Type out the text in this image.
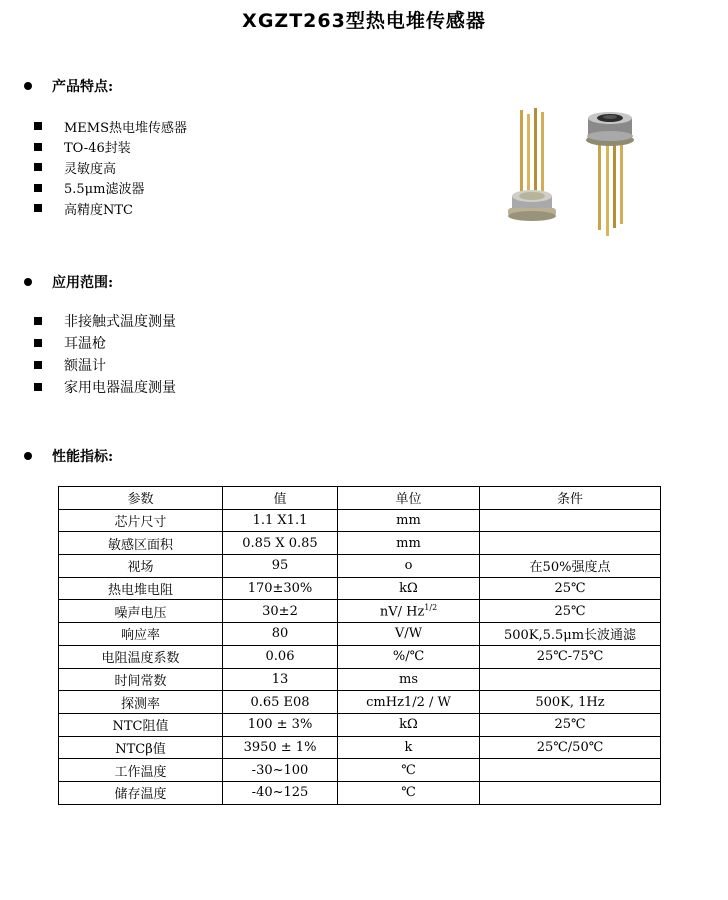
XGZT263型热电堆传感器
产品特点:
MEMS热电堆传感器
TO-46封装
灵敏度高
5.5μm滤波器
高精度NTC
应用范围:
非接触式温度测量
耳温枪
额温计
家用电器温度测量
性能指标:
参数	值	单位	条件
芯片尺寸	1.1 X1.1	mm	
敏感区面积	0.85 X 0.85	mm	
视场	95	o	在50%强度点
热电堆电阻	170±30%	kΩ	25℃
噪声电压	30±2	nV/ $Hz^{1/2}$	25℃
响应率	80	V/W	500K,5.5μm长波通滤
电阻温度系数	0.06	%/℃	25℃-75℃
时间常数	13	ms	
探测率	0.65 E08	cmHz1/2 / W	500K, 1Hz
NTC阻值	100 ± 3%	kΩ	25℃
NTCβ值	3950 ± 1%	k	25℃/50℃
工作温度	-30~100	℃	
储存温度	-40~125	℃	
